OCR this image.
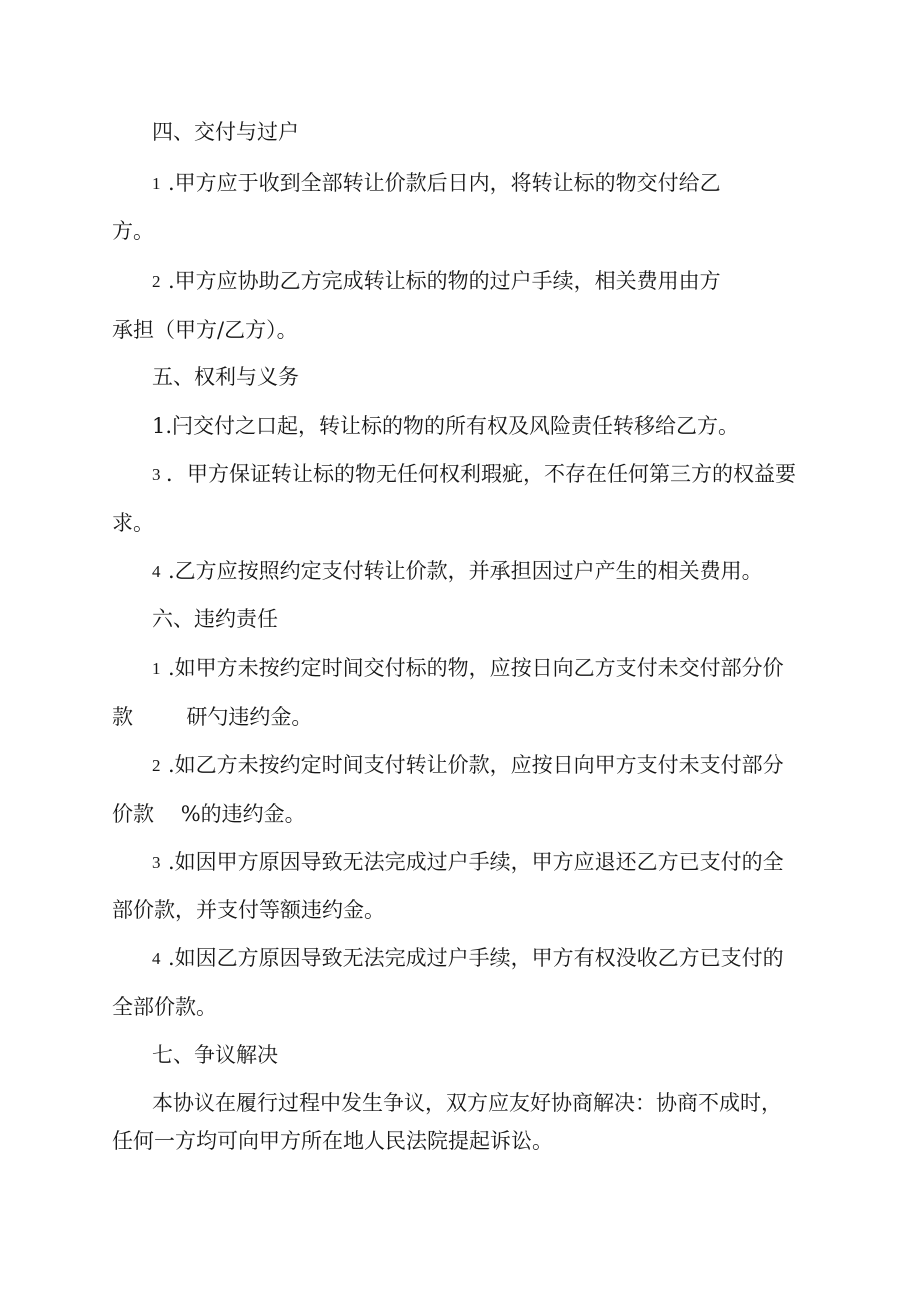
四、交付与过户
1 .甲方应于收到全部转让价款后日内，将转让标的物交付给乙
方。
2 .甲方应协助乙方完成转让标的物的过户手续，相关费用由方
承担（甲方/乙方）。
五、权利与义务
1.闩交付之口起，转让标的物的所有权及风险责任转移给乙方。
3 ．甲方保证转让标的物无任何权利瑕疵，不存在任何第三方的权益要
求。
4 .乙方应按照约定支付转让价款，并承担因过户产生的相关费用。
六、违约责任
1 .如甲方未按约定时间交付标的物，应按日向乙方支付未交付部分价
款        研勺违约金。
2 .如乙方未按约定时间支付转让价款，应按日向甲方支付未支付部分
价款    %的违约金。
3 .如因甲方原因导致无法完成过户手续，甲方应退还乙方已支付的全
部价款，并支付等额违约金。
4 .如因乙方原因导致无法完成过户手续，甲方有权没收乙方已支付的
全部价款。
七、争议解决
本协议在履行过程中发生争议，双方应友好协商解决：协商不成时，
任何一方均可向甲方所在地人民法院提起诉讼。
